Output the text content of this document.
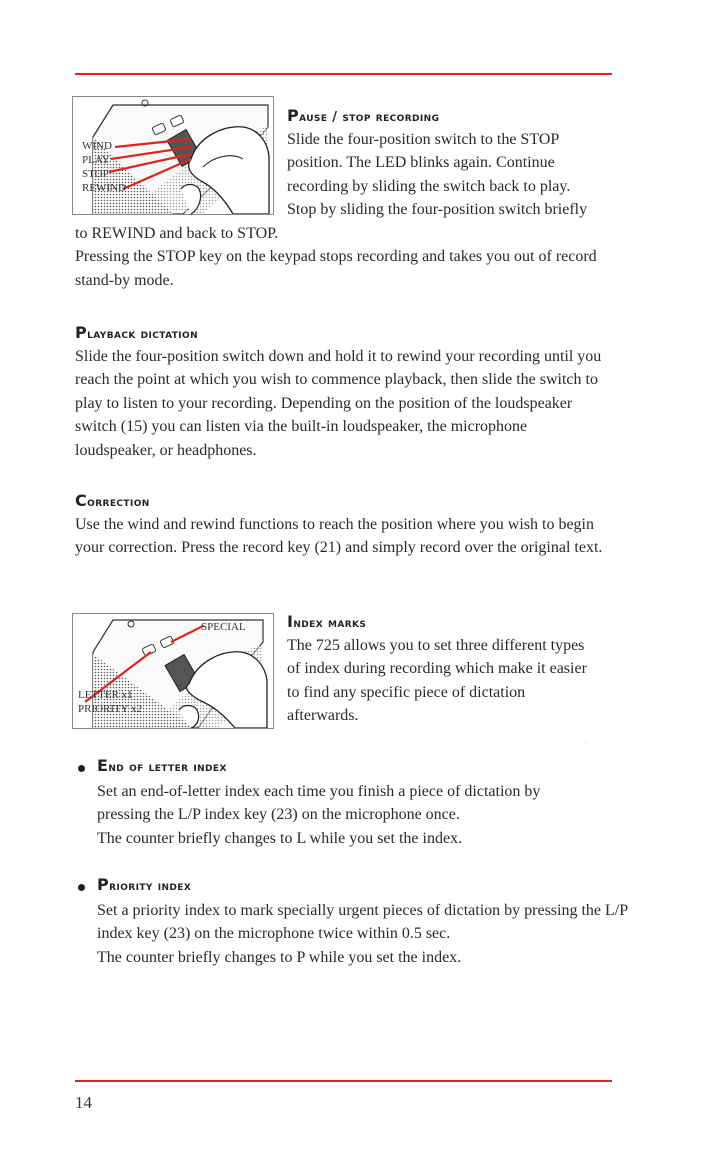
WIND
PLAY
STOP
REWIND
Pause / stop recording

Slide the four-position switch to the STOP

position. The LED blinks again. Continue

recording by sliding the switch back to play.

Stop by sliding the four-position switch briefly

to REWIND and back to STOP.

Pressing the STOP key on the keypad stops recording and takes you out of record stand-by mode.

Playback dictation

Slide the four-position switch down and hold it to rewind your recording until you reach the point at which you wish to commence playback, then slide the switch to play to listen to your recording. Depending on the position of the loudspeaker switch (15) you can listen via the built-in loudspeaker, the microphone loudspeaker, or headphones.

Correction

Use the wind and rewind functions to reach the position where you wish to begin your correction. Press the record key (21) and simply record over the original text.

SPECIAL
LETTER x1
PRIORITY x2
Index marks

The 725 allows you to set three different types

of index during recording which make it easier

to find any specific piece of dictation

afterwards.

End of letter index

Set an end-of-letter index each time you finish a piece of dictation by pressing the L/P index key (23) on the microphone once.

The counter briefly changes to L while you set the index.

Priority index

Set a priority index to mark specially urgent pieces of dictation by pressing the L/P index key (23) on the microphone twice within 0.5 sec.

The counter briefly changes to P while you set the index.

14
